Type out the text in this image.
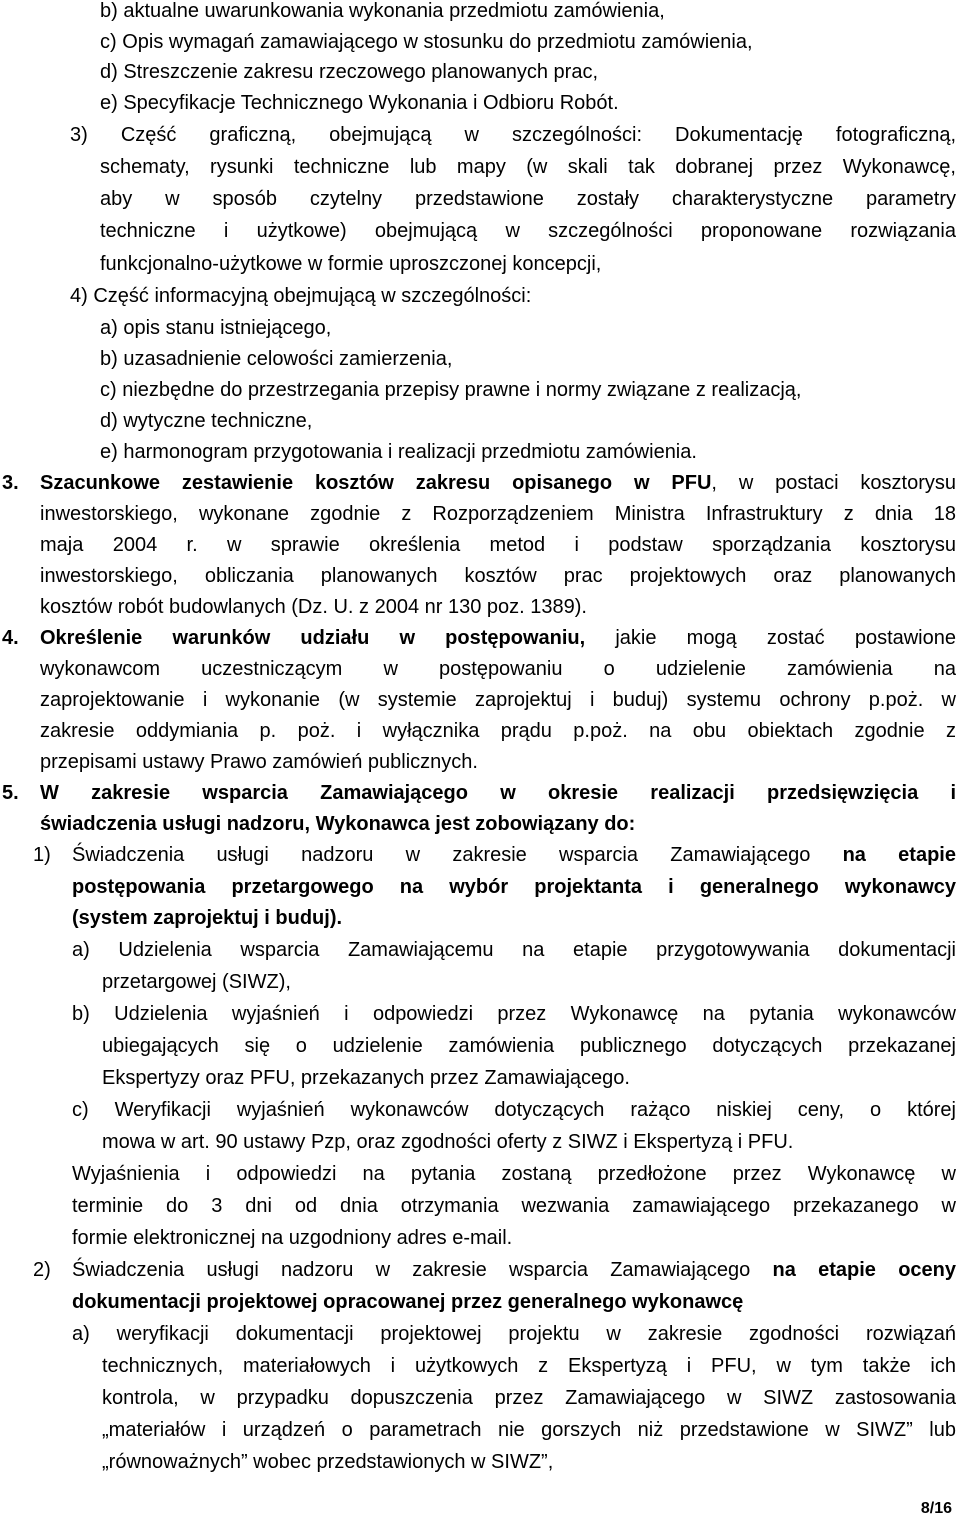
b) aktualne uwarunkowania wykonania przedmiotu zamówienia,
c) Opis wymagań zamawiającego w stosunku do przedmiotu zamówienia,
d) Streszczenie zakresu rzeczowego planowanych prac,
e) Specyfikacje Technicznego Wykonania i Odbioru Robót.
3) Część graficzną, obejmującą w szczególności: Dokumentację fotograficzną,
schematy, rysunki techniczne lub mapy (w skali tak dobranej przez Wykonawcę,
aby w sposób czytelny przedstawione zostały charakterystyczne parametry
techniczne i użytkowe) obejmującą w szczególności proponowane rozwiązania
funkcjonalno-użytkowe w formie uproszczonej koncepcji,
4) Część informacyjną obejmującą w szczególności:
a) opis stanu istniejącego,
b) uzasadnienie celowości zamierzenia,
c) niezbędne do przestrzegania przepisy prawne i normy związane z realizacją,
d) wytyczne techniczne,
e) harmonogram przygotowania i realizacji przedmiotu zamówienia.
3. Szacunkowe zestawienie kosztów zakresu opisanego w PFU, w postaci kosztorysu
inwestorskiego, wykonane zgodnie z Rozporządzeniem Ministra Infrastruktury z dnia 18
maja 2004 r. w sprawie określenia metod i podstaw sporządzania kosztorysu
inwestorskiego, obliczania planowanych kosztów prac projektowych oraz planowanych
kosztów robót budowlanych (Dz. U. z 2004 nr 130 poz. 1389).
4. Określenie warunków udziału w postępowaniu, jakie mogą zostać postawione
wykonawcom uczestniczącym w postępowaniu o udzielenie zamówienia na
zaprojektowanie i wykonanie (w systemie zaprojektuj i buduj) systemu ochrony p.poż. w
zakresie oddymiania p. poż. i wyłącznika prądu p.poż. na obu obiektach zgodnie z
przepisami ustawy Prawo zamówień publicznych.
5. W zakresie wsparcia Zamawiającego w okresie realizacji przedsięwzięcia i
świadczenia usługi nadzoru, Wykonawca jest zobowiązany do:
1) Świadczenia usługi nadzoru w zakresie wsparcia Zamawiającego na etapie
postępowania przetargowego na wybór projektanta i generalnego wykonawcy
(system zaprojektuj i buduj).
a) Udzielenia wsparcia Zamawiającemu na etapie przygotowywania dokumentacji
przetargowej (SIWZ),
b) Udzielenia wyjaśnień i odpowiedzi przez Wykonawcę na pytania wykonawców
ubiegających się o udzielenie zamówienia publicznego dotyczących przekazanej
Ekspertyzy oraz PFU, przekazanych przez Zamawiającego.
c) Weryfikacji wyjaśnień wykonawców dotyczących rażąco niskiej ceny, o której
mowa w art. 90 ustawy Pzp, oraz zgodności oferty z SIWZ i Ekspertyzą i PFU.
Wyjaśnienia i odpowiedzi na pytania zostaną przedłożone przez Wykonawcę w
terminie do 3 dni od dnia otrzymania wezwania zamawiającego przekazanego w
formie elektronicznej na uzgodniony adres e-mail.
2) Świadczenia usługi nadzoru w zakresie wsparcia Zamawiającego na etapie oceny
dokumentacji projektowej opracowanej przez generalnego wykonawcę
a) weryfikacji dokumentacji projektowej projektu w zakresie zgodności rozwiązań
technicznych, materiałowych i użytkowych z Ekspertyzą i PFU, w tym także ich
kontrola, w przypadku dopuszczenia przez Zamawiającego w SIWZ zastosowania
„materiałów i urządzeń o parametrach nie gorszych niż przedstawione w SIWZ” lub
„równoważnych” wobec przedstawionych w SIWZ”,
8/16
